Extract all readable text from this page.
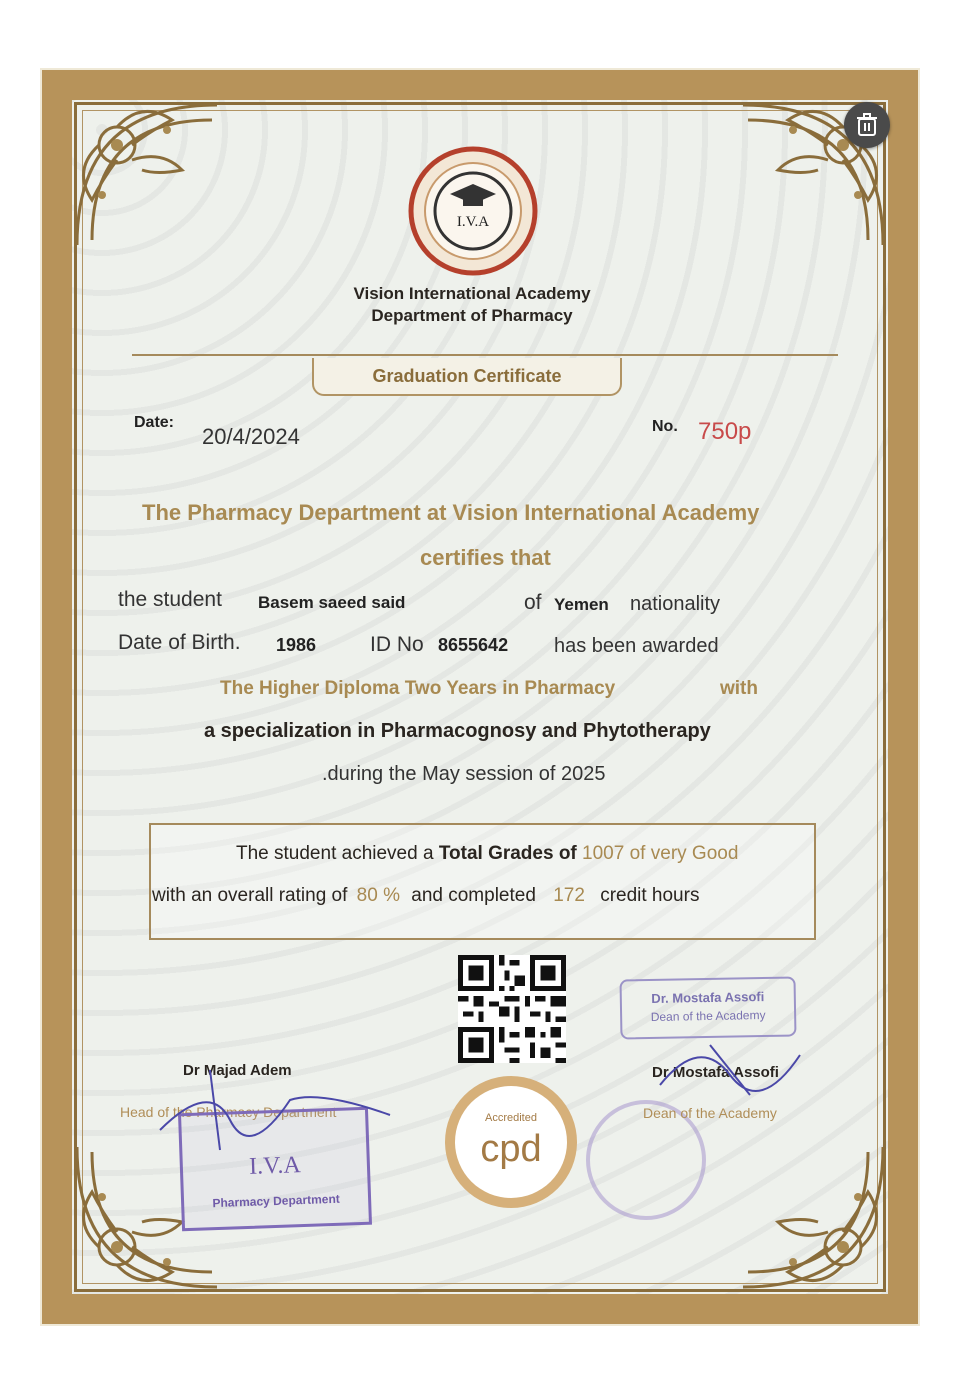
I.V.A
Vision International Academy
Department of Pharmacy
Graduation Certificate
Date:
20/4/2024	No. 750p
The Pharmacy Department at Vision International Academy
certifies that
the student Basem saeed said	of Yemen nationality
Date of Birth. 1986	ID No 8655642 has been awarded
The Higher Diploma Two Years in Pharmacy	with
a specialization in Pharmacognosy and Phytotherapy
.during the May session of 2025
The student achieved a Total Grades of 1007 of very Good
with an overall rating of 80 % and completed 172 credit hours
Dr. Mostafa Assofi
Dean of the Academy
Dr Majad Adem
Head of the Pharmacy Department
Dr Mostafa Assofi
Dean of the Academy
I.V.A
Pharmacy Department
Accredited
cpd
